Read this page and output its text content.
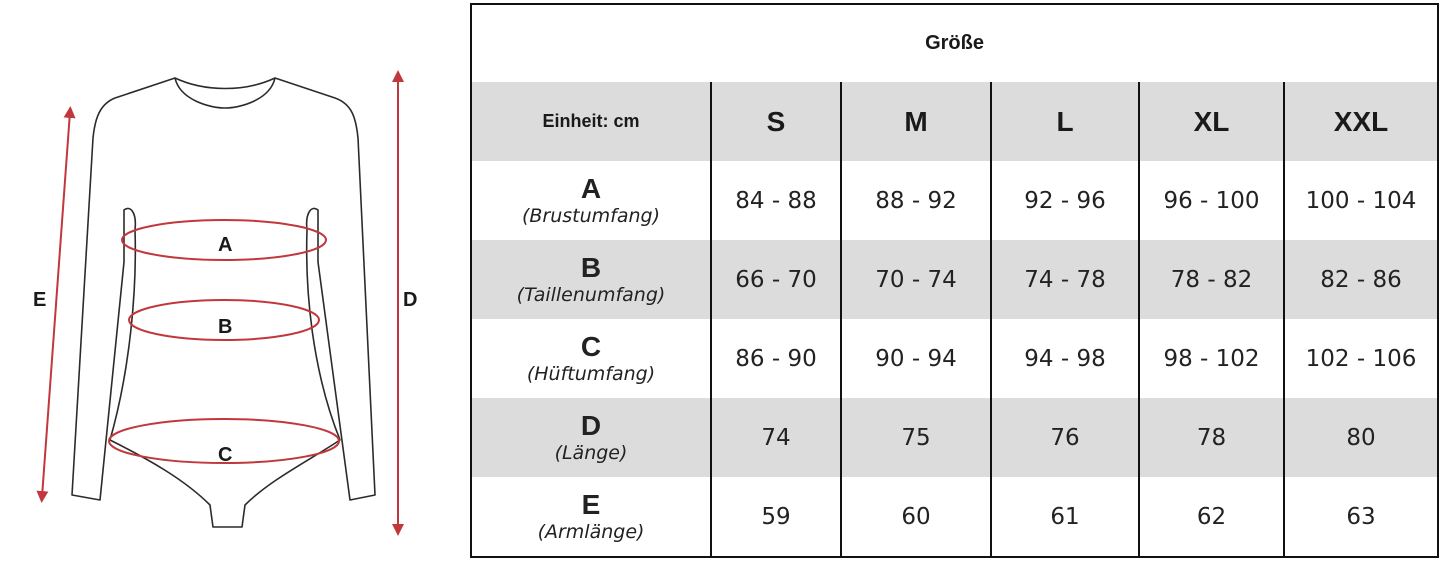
A
B
C
D
E
Größe					
Einheit: cm	S	M	L	XL	XXL

A
(Brustumfang)	84 - 88	88 - 92	92 - 96	96 - 100	100 - 104

B
(Taillenumfang)	66 - 70	70 - 74	74 - 78	78 - 82	82 - 86

C
(Hüftumfang)	86 - 90	90 - 94	94 - 98	98 - 102	102 - 106

D
(Länge)	74	75	76	78	80

E
(Armlänge)	59	60	61	62	63
